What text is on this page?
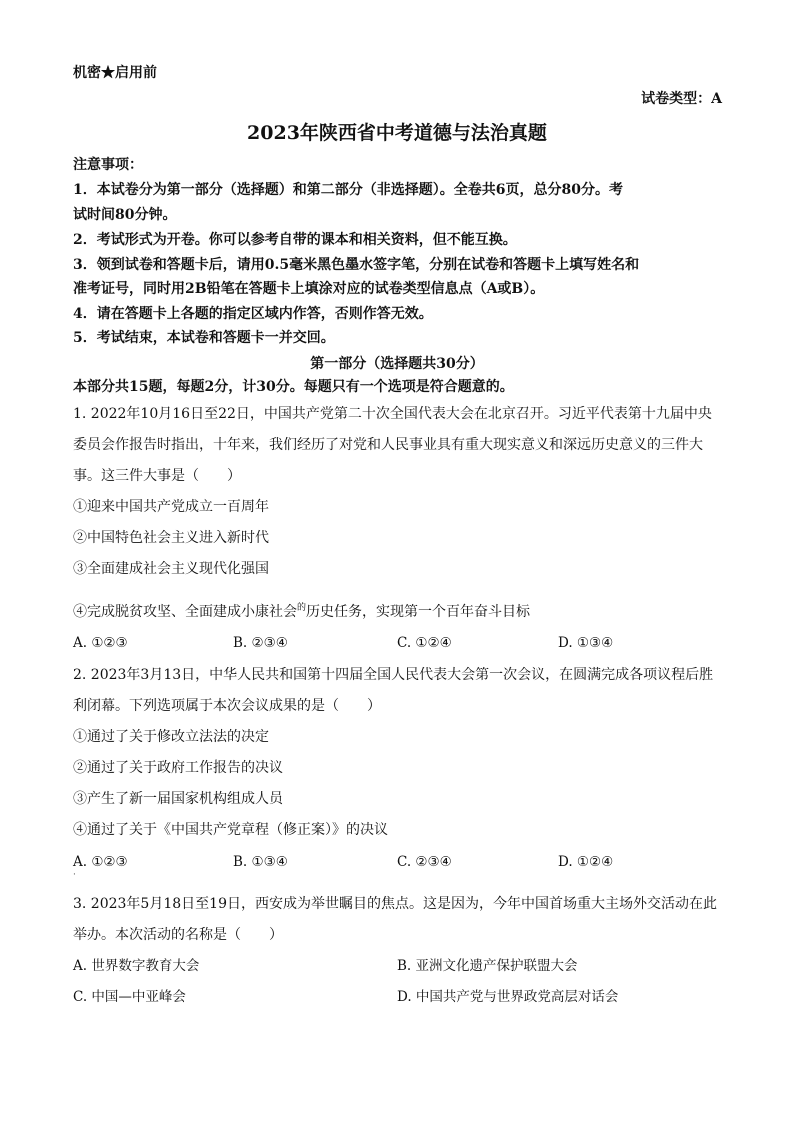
机密★启用前
试卷类型：A
2023年陕西省中考道德与法治真题
注意事项：
1．本试卷分为第一部分（选择题）和第二部分（非选择题）。全卷共6页，总分80分。考
试时间80分钟。
2．考试形式为开卷。你可以参考自带的课本和相关资料，但不能互换。
3．领到试卷和答题卡后，请用0.5毫米黑色墨水签字笔，分别在试卷和答题卡上填写姓名和
准考证号，同时用2B铅笔在答题卡上填涂对应的试卷类型信息点（A或B）。
4．请在答题卡上各题的指定区域内作答，否则作答无效。
5．考试结束，本试卷和答题卡一并交回。
第一部分（选择题共30分）
本部分共15题，每题2分，计30分。每题只有一个选项是符合题意的。
1. 2022年10月16日至22日，中国共产党第二十次全国代表大会在北京召开。习近平代表第十九届中央
委员会作报告时指出，十年来，我们经历了对党和人民事业具有重大现实意义和深远历史意义的三件大
事。这三件大事是（　　）
①迎来中国共产党成立一百周年
②中国特色社会主义进入新时代
③全面建成社会主义现代化强国
④完成脱贫攻坚、全面建成小康社会$^的$历史任务，实现第一个百年奋斗目标
A. ①②③	B. ②③④	C. ①②④	D. ①③④
2. 2023年3月13日，中华人民共和国第十四届全国人民代表大会第一次会议，在圆满完成各项议程后胜
利闭幕。下列选项属于本次会议成果的是（　　）
①通过了关于修改立法法的决定
②通过了关于政府工作报告的决议
③产生了新一届国家机构组成人员
④通过了关于《中国共产党章程（修正案）》的决议
A. ①②③	B. ①③④	C. ②③④	D. ①②④
·
3. 2023年5月18日至19日，西安成为举世瞩目的焦点。这是因为，今年中国首场重大主场外交活动在此
举办。本次活动的名称是（　　）
A. 世界数字教育大会	B. 亚洲文化遗产保护联盟大会
C. 中国—中亚峰会	D. 中国共产党与世界政党高层对话会
